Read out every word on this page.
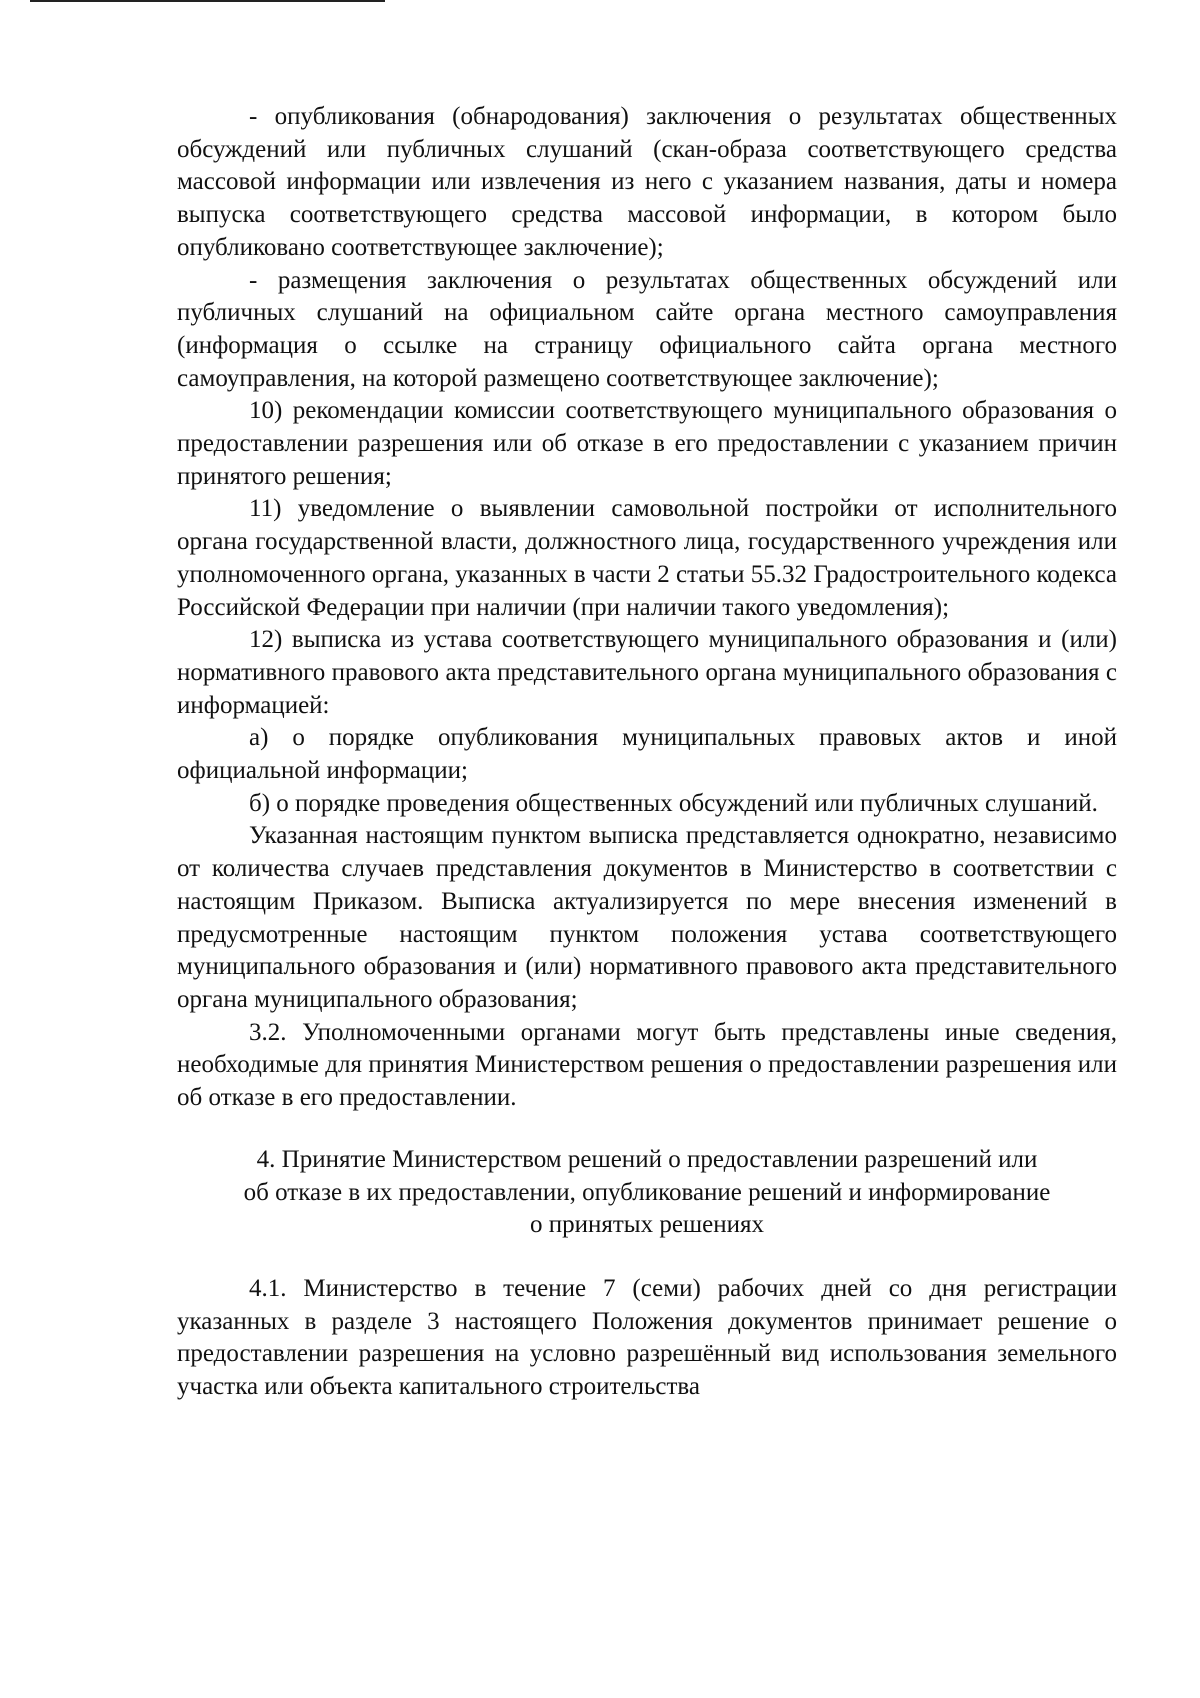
- опубликования (обнародования) заключения о результатах общественных обсуждений или публичных слушаний (скан-образа соответствующего средства массовой информации или извлечения из него с указанием названия, даты и номера выпуска соответствующего средства массовой информации, в котором было опубликовано соответствующее заключение);

- размещения заключения о результатах общественных обсуждений или публичных слушаний на официальном сайте органа местного самоуправления (информация о ссылке на страницу официального сайта органа местного самоуправления, на которой размещено соответствующее заключение);

10) рекомендации комиссии соответствующего муниципального образования о предоставлении разрешения или об отказе в его предоставлении с указанием причин принятого решения;

11) уведомление о выявлении самовольной постройки от исполнительного органа государственной власти, должностного лица, государственного учреждения или уполномоченного органа, указанных в части 2 статьи 55.32 Градостроительного кодекса Российской Федерации при наличии (при наличии такого уведомления);

12) выписка из устава соответствующего муниципального образования и (или) нормативного правового акта представительного органа муниципального образования с информацией:

а) о порядке опубликования муниципальных правовых актов и иной официальной информации;

б) о порядке проведения общественных обсуждений или публичных слушаний.

Указанная настоящим пунктом выписка представляется однократно, независимо от количества случаев представления документов в Министерство в соответствии с настоящим Приказом. Выписка актуализируется по мере внесения изменений в предусмотренные настоящим пунктом положения устава соответствующего муниципального образования и (или) нормативного правового акта представительного органа муниципального образования;

3.2. Уполномоченными органами могут быть представлены иные сведения, необходимые для принятия Министерством решения о предоставлении разрешения или об отказе в его предоставлении.

4. Принятие Министерством решений о предоставлении разрешений или
об отказе в их предоставлении, опубликование решений и информирование
о принятых решениях

4.1. Министерство в течение 7 (семи) рабочих дней со дня регистрации указанных в разделе 3 настоящего Положения документов принимает решение о предоставлении разрешения на условно разрешённый вид использования земельного участка или объекта капитального строительства
